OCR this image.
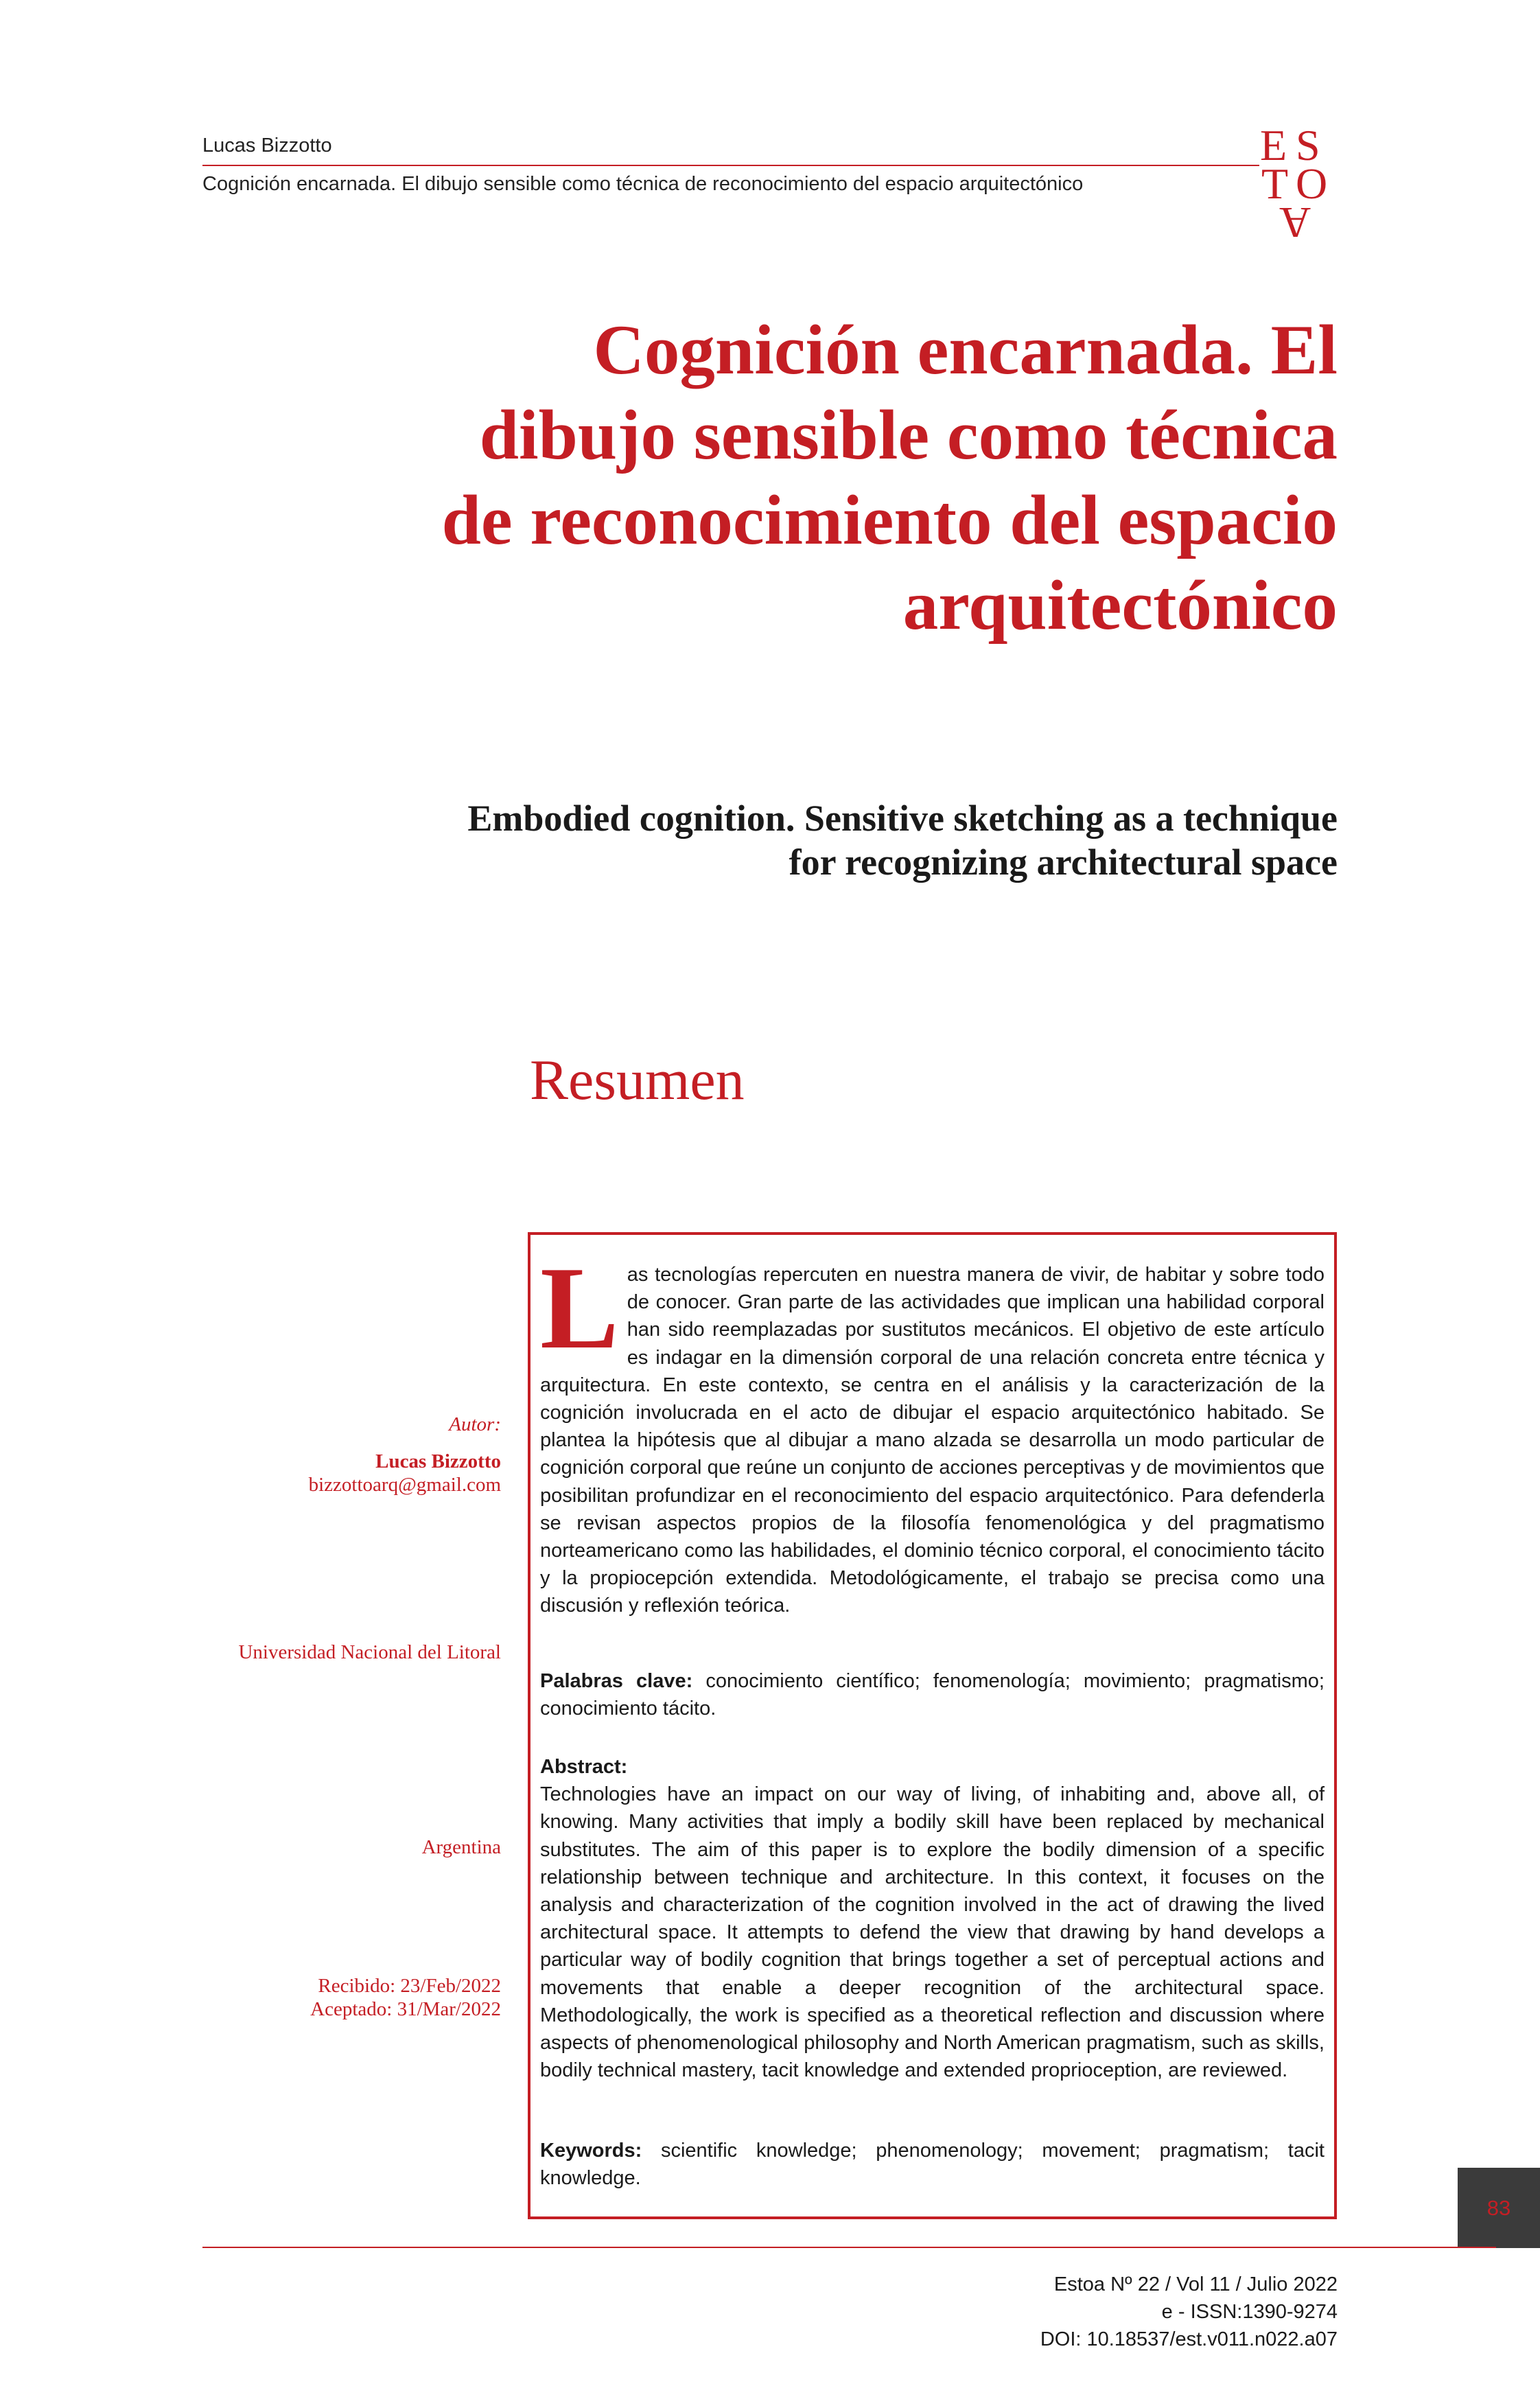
Lucas Bizzotto
Cognición encarnada. El dibujo sensible como técnica de reconocimiento del espacio arquitectónico
E S
T O
A
Cognición encarnada. El
dibujo sensible como técnica
de reconocimiento del espacio
arquitectónico
Embodied cognition. Sensitive sketching as a technique
for recognizing architectural space
Resumen
Autor:
Lucas Bizzotto
bizzottoarq@gmail.com
Universidad Nacional del Litoral
Argentina
Recibido: 23/Feb/2022
Aceptado: 31/Mar/2022
Las tecnologías repercuten en nuestra manera de vivir, de habitar y sobre todo de conocer. Gran parte de las actividades que implican una habilidad corporal han sido reemplazadas por sustitutos mecánicos. El objetivo de este artículo es indagar en la dimensión corporal de una relación concreta entre técnica y arquitectura. En este contexto, se centra en el análisis y la caracterización de la cognición involucrada en el acto de dibujar el espacio arquitectónico habitado. Se plantea la hipótesis que al dibujar a mano alzada se desarrolla un modo particular de cognición corporal que reúne un conjunto de acciones perceptivas y de movimientos que posibilitan profundizar en el reconocimiento del espacio arquitectónico. Para defenderla se revisan aspectos propios de la filosofía fenomenológica y del pragmatismo norteamericano como las habilidades, el dominio técnico corporal, el conocimiento tácito y la propiocepción extendida. Metodológicamente, el trabajo se precisa como una discusión y reflexión teórica.
Palabras clave: conocimiento científico; fenomenología; movimiento; pragmatismo; conocimiento tácito.
Abstract:
Technologies have an impact on our way of living, of inhabiting and, above all, of knowing. Many activities that imply a bodily skill have been replaced by mechanical substitutes. The aim of this paper is to explore the bodily dimension of a specific relationship between technique and architecture. In this context, it focuses on the analysis and characterization of the cognition involved in the act of drawing the lived architectural space. It attempts to defend the view that drawing by hand develops a particular way of bodily cognition that brings together a set of perceptual actions and movements that enable a deeper recognition of the architectural space. Methodologically, the work is specified as a theoretical reflection and discussion where aspects of phenomenological philosophy and North American pragmatism, such as skills, bodily technical mastery, tacit knowledge and extended proprioception, are reviewed.
Keywords: scientific knowledge; phenomenology; movement; pragmatism; tacit knowledge.
83
Estoa Nº 22 / Vol 11 / Julio 2022
e - ISSN:1390-9274
DOI: 10.18537/est.v011.n022.a07
